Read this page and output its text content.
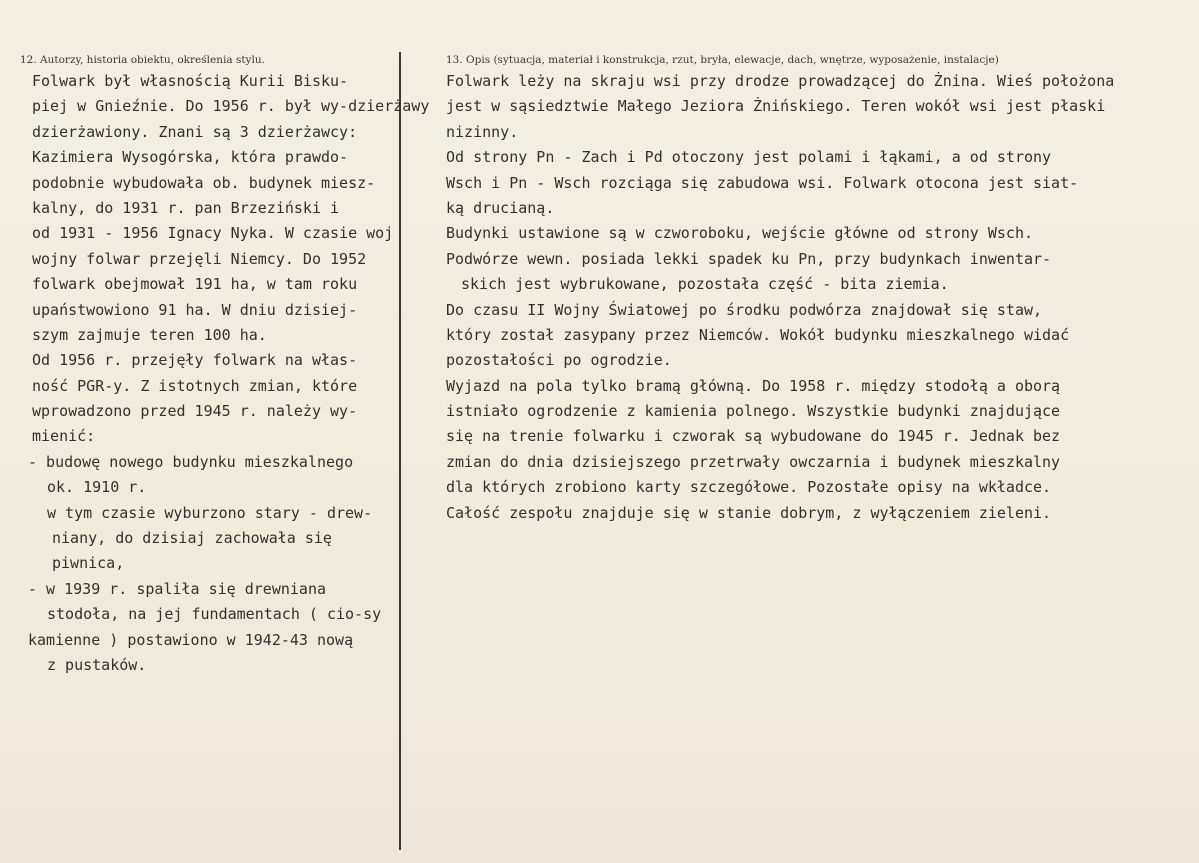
12. Autorzy, historia obiektu, określenia stylu.	13. Opis (sytuacja, materiał i konstrukcja, rzut, bryła, elewacje, dach, wnętrze, wyposażenie, instalacje)
Folwark był własnością Kurii Bisku-
piej w Gnieźnie. Do 1956 r. był wy-dzierżawy
dzierżawiony. Znani są 3 dzierżawcy:
Kazimiera Wysogórska, która prawdo-
podobnie wybudowała ob. budynek miesz-
kalny, do 1931 r. pan Brzeziński i
od 1931 - 1956 Ignacy Nyka. W czasie woj
wojny folwar przejęli Niemcy. Do 1952
folwark obejmował 191 ha, w tam roku
upaństwowiono 91 ha. W dniu dzisiej-
szym zajmuje teren 100 ha.
Od 1956 r. przejęły folwark na włas-
ność PGR-y. Z istotnych zmian, które
wprowadzono przed 1945 r. należy wy-
mienić:
- budowę nowego budynku mieszkalnego
ok. 1910 r.
w tym czasie wyburzono stary - drew-
niany, do dzisiaj zachowała się
piwnica,
- w 1939 r. spaliła się drewniana
stodoła, na jej fundamentach ( cio-sy
kamienne ) postawiono w 1942-43 nową
z pustaków.
Folwark leży na skraju wsi przy drodze prowadzącej do Żnina. Wieś położona
jest w sąsiedztwie Małego Jeziora Żnińskiego. Teren wokół wsi jest płaski
nizinny.
Od strony Pn - Zach i Pd otoczony jest polami i łąkami, a od strony
Wsch i Pn - Wsch rozciąga się zabudowa wsi. Folwark otocona jest siat-
ką drucianą.
Budynki ustawione są w czworoboku, wejście główne od strony Wsch.
Podwórze wewn. posiada lekki spadek ku Pn, przy budynkach inwentar-
skich jest wybrukowane, pozostała część - bita ziemia.
Do czasu II Wojny Światowej po środku podwórza znajdował się staw,
który został zasypany przez Niemców. Wokół budynku mieszkalnego widać
pozostałości po ogrodzie.
Wyjazd na pola tylko bramą główną. Do 1958 r. między stodołą a oborą
istniało ogrodzenie z kamienia polnego. Wszystkie budynki znajdujące
się na trenie folwarku i czworak są wybudowane do 1945 r. Jednak bez
zmian do dnia dzisiejszego przetrwały owczarnia i budynek mieszkalny
dla których zrobiono karty szczegółowe. Pozostałe opisy na wkładce.
Całość zespołu znajduje się w stanie dobrym, z wyłączeniem zieleni.
